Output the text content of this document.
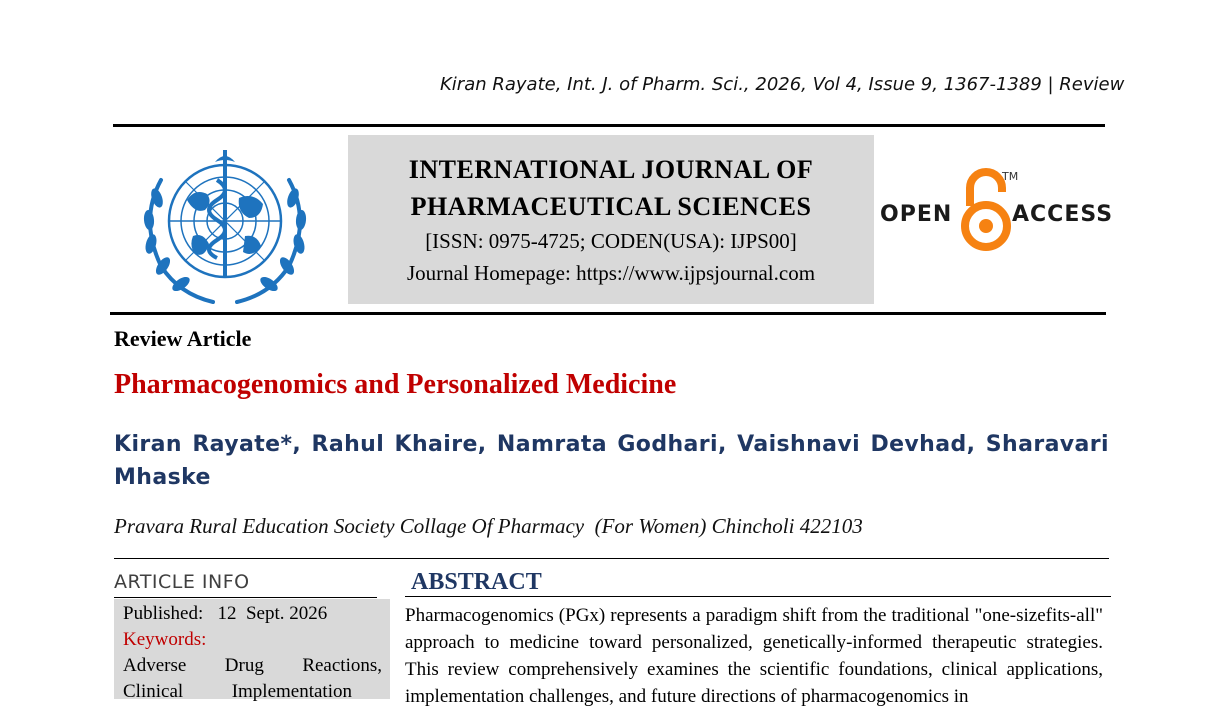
Kiran Rayate, Int. J. of Pharm. Sci., 2026, Vol 4, Issue 9, 1367-1389 | Review
INTERNATIONAL JOURNAL OF
PHARMACEUTICAL SCIENCES
[ISSN: 0975-4725; CODEN(USA): IJPS00]
Journal Homepage: https://www.ijpsjournal.com
OPEN
TM
ACCESS
Review Article
Pharmacogenomics and Personalized Medicine
Kiran Rayate*, Rahul Khaire, Namrata Godhari, Vaishnavi Devhad, Sharavari Mhaske
Pravara Rural Education Society Collage Of Pharmacy  (For Women) Chincholi 422103
ARTICLE INFO
Published: 12  Sept. 2026
Keywords:
Adverse Drug Reactions,
Clinical	Implementation
ABSTRACT
Pharmacogenomics (PGx) represents a paradigm shift from the traditional "one-sizefits-all" approach to medicine toward personalized, genetically-informed therapeutic strategies. This review comprehensively examines the scientific foundations, clinical applications, implementation challenges, and future directions of pharmacogenomics in
